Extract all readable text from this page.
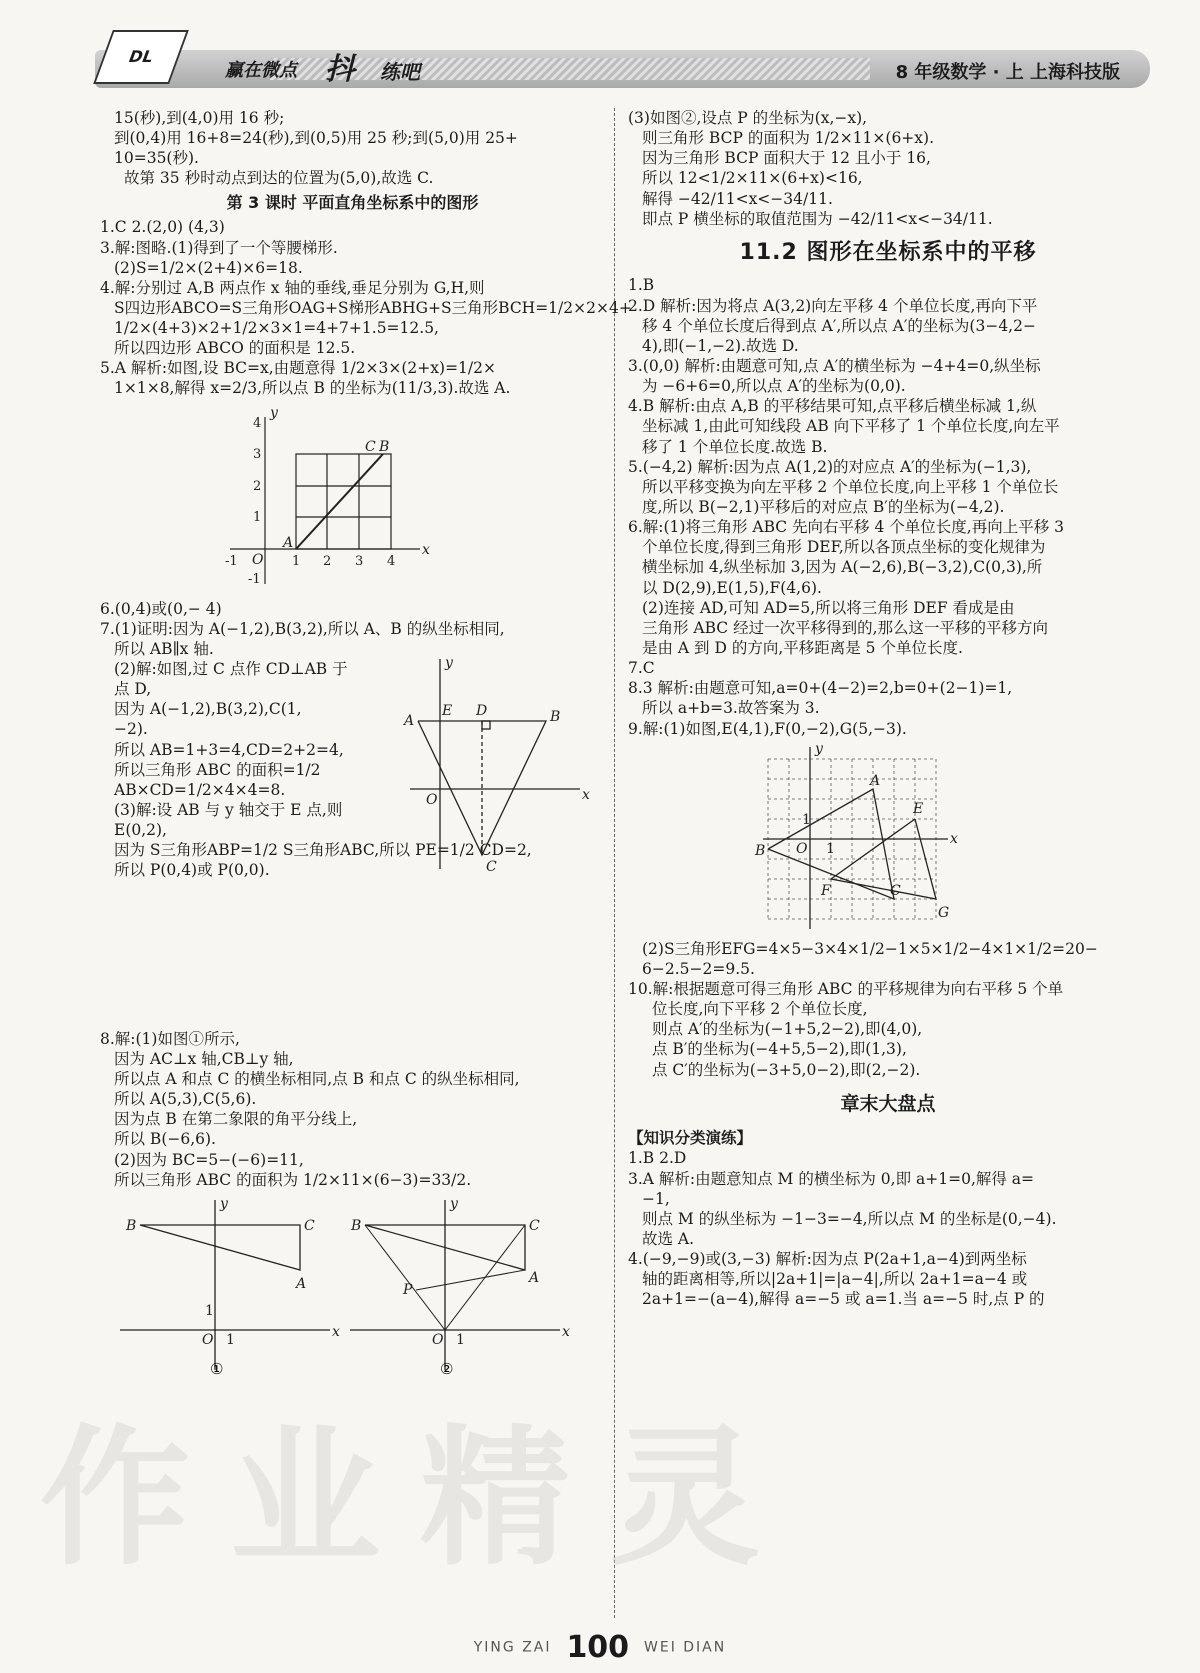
DL
赢在微点 抖 练吧	8 年级数学 · 上 上海科技版

15(秒),到(4,0)用 16 秒;

到(0,4)用 16+8=24(秒),到(0,5)用 25 秒;到(5,0)用 25+

10=35(秒).

故第 35 秒时动点到达的位置为(5,0),故选 C.

第 3 课时 平面直角坐标系中的图形

1.C 2.(2,0) (4,3)

3.解:图略.(1)得到了一个等腰梯形.

(2)S=1/2×(2+4)×6=18.

4.解:分别过 A,B 两点作 x 轴的垂线,垂足分别为 G,H,则

S四边形ABCO=S三角形OAG+S梯形ABHG+S三角形BCH=1/2×2×4+

1/2×(4+3)×2+1/2×3×1=4+7+1.5=12.5,

所以四边形 ABCO 的面积是 12.5.

5.A 解析:如图,设 BC=x,由题意得 1/2×3×(2+x)=1/2×

1×1×8,解得 x=2/3,所以点 B 的坐标为(11/3,3).故选 A.

y
x
O
A
C B
1 2 3 4
-1
1
2
3
4
-1

6.(0,4)或(0,− 4)

7.(1)证明:因为 A(−1,2),B(3,2),所以 A、B 的纵坐标相同,

所以 AB∥x 轴.

(2)解:如图,过 C 点作 CD⊥AB 于

点 D,

因为 A(−1,2),B(3,2),C(1,

−2).

所以 AB=1+3=4,CD=2+2=4,

所以三角形 ABC 的面积=1/2

AB×CD=1/2×4×4=8.

(3)解:设 AB 与 y 轴交于 E 点,则

E(0,2),

因为 S三角形ABP=1/2 S三角形ABC,所以 PE=1/2 CD=2,

所以 P(0,4)或 P(0,0).

y
x
O
A	B
C
D
E

8.解:(1)如图①所示,

因为 AC⊥x 轴,CB⊥y 轴,

所以点 A 和点 C 的横坐标相同,点 B 和点 C 的纵坐标相同,

所以 A(5,3),C(5,6).

因为点 B 在第二象限的角平分线上,

所以 B(−6,6).

(2)因为 BC=5−(−6)=11,

所以三角形 ABC 的面积为 1/2×11×(6−3)=33/2.

y
x
O
B	C
A
1
1
y
x
O
B	C
A
P
1
①	②

(3)如图②,设点 P 的坐标为(x,−x),

则三角形 BCP 的面积为 1/2×11×(6+x).

因为三角形 BCP 面积大于 12 且小于 16,

所以 12<1/2×11×(6+x)<16,

解得 −42/11<x<−34/11.

即点 P 横坐标的取值范围为 −42/11<x<−34/11.

11.2 图形在坐标系中的平移

1.B

2.D 解析:因为将点 A(3,2)向左平移 4 个单位长度,再向下平

移 4 个单位长度后得到点 A′,所以点 A′的坐标为(3−4,2−

4),即(−1,−2).故选 D.

3.(0,0) 解析:由题意可知,点 A′的横坐标为 −4+4=0,纵坐标

为 −6+6=0,所以点 A′的坐标为(0,0).

4.B 解析:由点 A,B 的平移结果可知,点平移后横坐标减 1,纵

坐标减 1,由此可知线段 AB 向下平移了 1 个单位长度,向左平

移了 1 个单位长度.故选 B.

5.(−4,2) 解析:因为点 A(1,2)的对应点 A′的坐标为(−1,3),

所以平移变换为向左平移 2 个单位长度,向上平移 1 个单位长

度,所以 B(−2,1)平移后的对应点 B′的坐标为(−4,2).

6.解:(1)将三角形 ABC 先向右平移 4 个单位长度,再向上平移 3

个单位长度,得到三角形 DEF,所以各顶点坐标的变化规律为

横坐标加 4,纵坐标加 3,因为 A(−2,6),B(−3,2),C(0,3),所

以 D(2,9),E(1,5),F(4,6).

(2)连接 AD,可知 AD=5,所以将三角形 DEF 看成是由

三角形 ABC 经过一次平移得到的,那么这一平移的平移方向

是由 A 到 D 的方向,平移距离是 5 个单位长度.

7.C

8.3 解析:由题意可知,a=0+(4−2)=2,b=0+(2−1)=1,

所以 a+b=3.故答案为 3.

9.解:(1)如图,E(4,1),F(0,−2),G(5,−3).

y
x
O
A
B
C
E
F
G
1
1

(2)S三角形EFG=4×5−3×4×1/2−1×5×1/2−4×1×1/2=20−

6−2.5−2=9.5.

10.解:根据题意可得三角形 ABC 的平移规律为向右平移 5 个单

位长度,向下平移 2 个单位长度,

则点 A′的坐标为(−1+5,2−2),即(4,0),

点 B′的坐标为(−4+5,5−2),即(1,3),

点 C′的坐标为(−3+5,0−2),即(2,−2).

章末大盘点

【知识分类演练】

1.B 2.D

3.A 解析:由题意知点 M 的横坐标为 0,即 a+1=0,解得 a=

−1,

则点 M 的纵坐标为 −1−3=−4,所以点 M 的坐标是(0,−4).

故选 A.

4.(−9,−9)或(3,−3) 解析:因为点 P(2a+1,a−4)到两坐标

轴的距离相等,所以|2a+1|=|a−4|,所以 2a+1=a−4 或

2a+1=−(a−4),解得 a=−5 或 a=1.当 a=−5 时,点 P 的

作业精灵
YING ZAI 100 WEI DIAN
